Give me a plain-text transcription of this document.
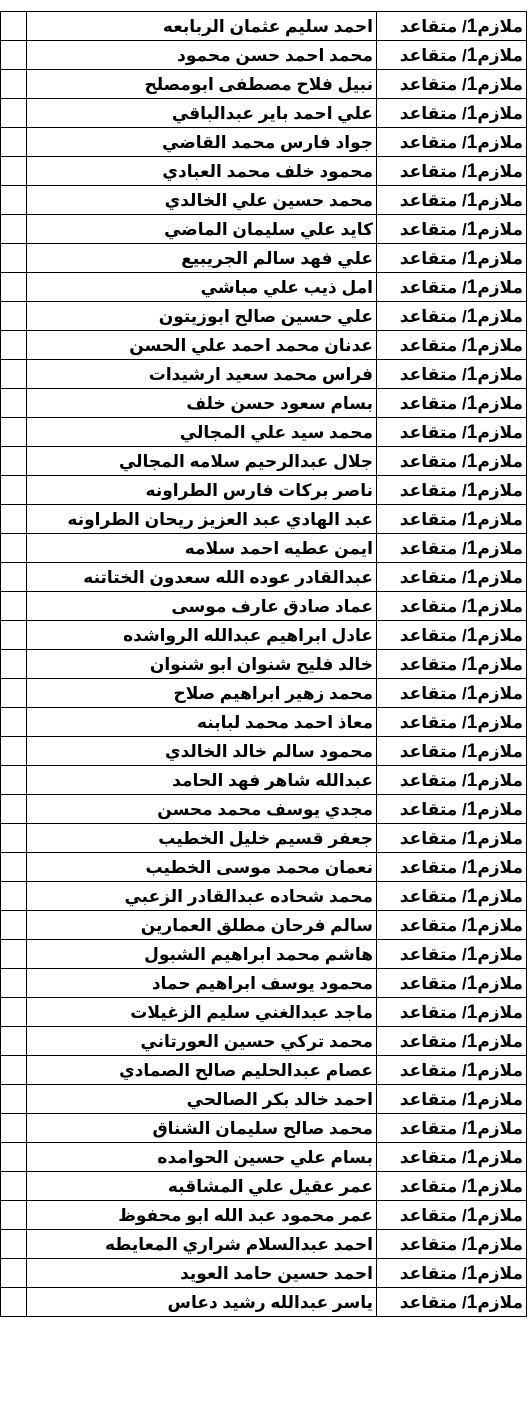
ملازم1/ متقاعد	احمد سليم عثمان الربابعه	
ملازم1/ متقاعد	محمد احمد حسن محمود	
ملازم1/ متقاعد	نبيل فلاح مصطفى ابومصلح	
ملازم1/ متقاعد	علي احمد باير عبدالباقي	
ملازم1/ متقاعد	جواد فارس محمد القاضي	
ملازم1/ متقاعد	محمود خلف محمد العبادي	
ملازم1/ متقاعد	محمد حسين علي الخالدي	
ملازم1/ متقاعد	كايد علي سليمان الماضي	
ملازم1/ متقاعد	علي فهد سالم الجريبيع	
ملازم1/ متقاعد	امل ذيب علي مباشي	
ملازم1/ متقاعد	علي حسين صالح ابوزيتون	
ملازم1/ متقاعد	عدنان محمد احمد علي الحسن	
ملازم1/ متقاعد	فراس محمد سعيد ارشيدات	
ملازم1/ متقاعد	بسام سعود حسن خلف	
ملازم1/ متقاعد	محمد سيد علي المجالي	
ملازم1/ متقاعد	جلال عبدالرحيم سلامه المجالي	
ملازم1/ متقاعد	ناصر بركات فارس الطراونه	
ملازم1/ متقاعد	عبد الهادي عبد العزيز ريحان الطراونه	
ملازم1/ متقاعد	ايمن عطيه احمد سلامه	
ملازم1/ متقاعد	عبدالقادر عوده الله سعدون الختاتنه	
ملازم1/ متقاعد	عماد صادق عارف موسى	
ملازم1/ متقاعد	عادل ابراهيم عبدالله الرواشده	
ملازم1/ متقاعد	خالد فليح شنوان ابو شنوان	
ملازم1/ متقاعد	محمد زهير ابراهيم صلاح	
ملازم1/ متقاعد	معاذ احمد محمد لبابنه	
ملازم1/ متقاعد	محمود سالم خالد الخالدي	
ملازم1/ متقاعد	عبدالله شاهر فهد الحامد	
ملازم1/ متقاعد	مجدي يوسف محمد محسن	
ملازم1/ متقاعد	جعفر قسيم خليل الخطيب	
ملازم1/ متقاعد	نعمان محمد موسى الخطيب	
ملازم1/ متقاعد	محمد شحاده عبدالقادر الزعبي	
ملازم1/ متقاعد	سالم فرحان مطلق العمارين	
ملازم1/ متقاعد	هاشم محمد ابراهيم الشبول	
ملازم1/ متقاعد	محمود يوسف ابراهيم حماد	
ملازم1/ متقاعد	ماجد عبدالغني سليم الزغيلات	
ملازم1/ متقاعد	محمد تركي حسين العورتاني	
ملازم1/ متقاعد	عصام عبدالحليم صالح الصمادي	
ملازم1/ متقاعد	احمد خالد بكر الصالحي	
ملازم1/ متقاعد	محمد صالح سليمان الشناق	
ملازم1/ متقاعد	بسام علي حسين الحوامده	
ملازم1/ متقاعد	عمر عقيل علي المشاقبه	
ملازم1/ متقاعد	عمر محمود عبد الله ابو محفوظ	
ملازم1/ متقاعد	احمد عبدالسلام شراري المعايطه	
ملازم1/ متقاعد	احمد حسين حامد العويد	
ملازم1/ متقاعد	ياسر عبدالله رشيد دعاس	
